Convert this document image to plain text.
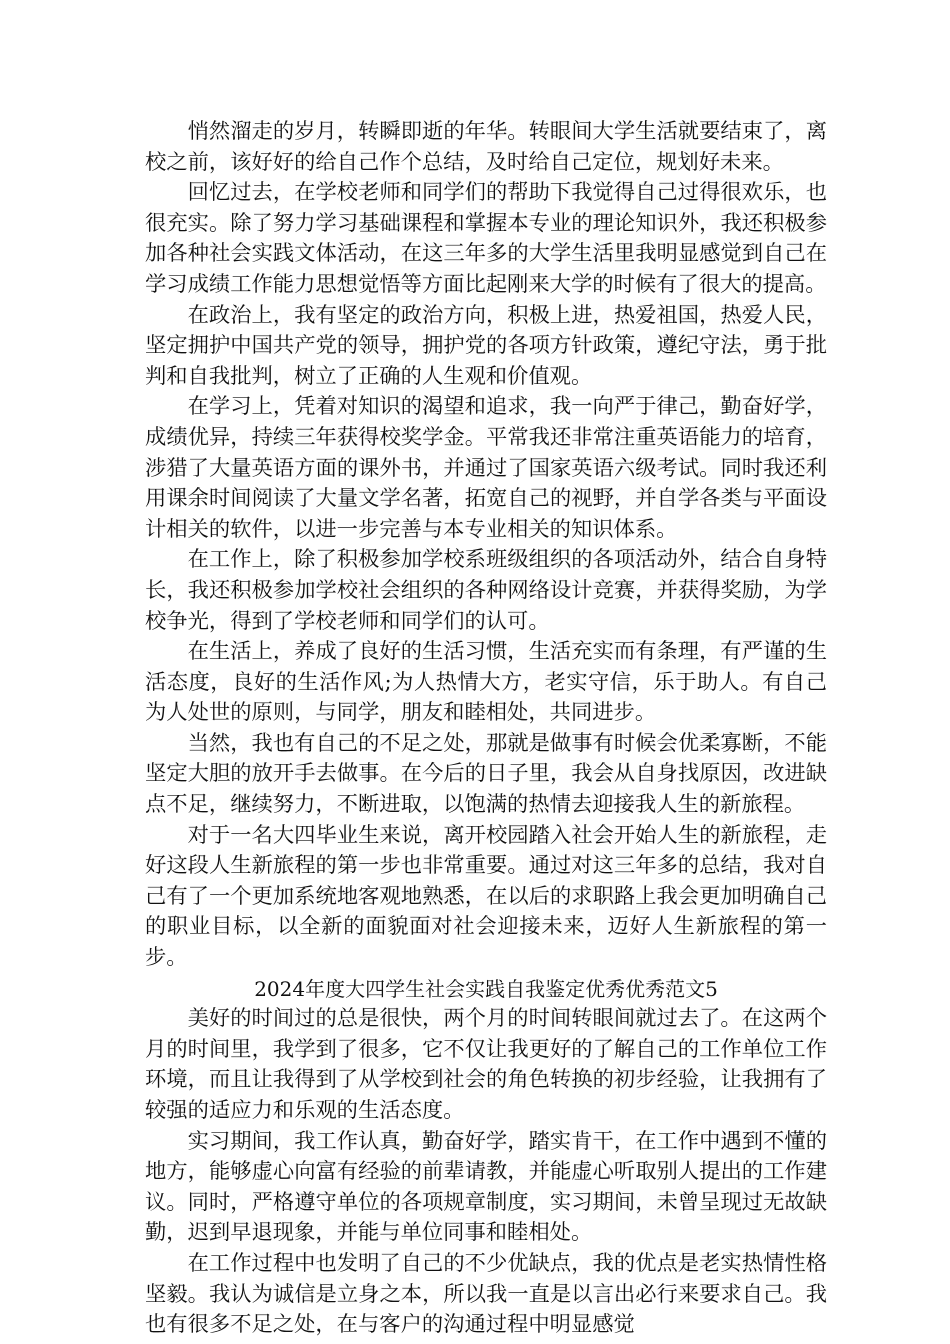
悄然溜走的岁月，转瞬即逝的年华。转眼间大学生活就要结束了，离校之前，该好好的给自己作个总结，及时给自己定位，规划好未来。

回忆过去，在学校老师和同学们的帮助下我觉得自己过得很欢乐，也很充实。除了努力学习基础课程和掌握本专业的理论知识外，我还积极参加各种社会实践文体活动，在这三年多的大学生活里我明显感觉到自己在学习成绩工作能力思想觉悟等方面比起刚来大学的时候有了很大的提高。

在政治上，我有坚定的政治方向，积极上进，热爱祖国，热爱人民，坚定拥护中国共产党的领导，拥护党的各项方针政策，遵纪守法，勇于批判和自我批判，树立了正确的人生观和价值观。

在学习上，凭着对知识的渴望和追求，我一向严于律己，勤奋好学，成绩优异，持续三年获得校奖学金。平常我还非常注重英语能力的培育，涉猎了大量英语方面的课外书，并通过了国家英语六级考试。同时我还利用课余时间阅读了大量文学名著，拓宽自己的视野，并自学各类与平面设计相关的软件，以进一步完善与本专业相关的知识体系。

在工作上，除了积极参加学校系班级组织的各项活动外，结合自身特长，我还积极参加学校社会组织的各种网络设计竞赛，并获得奖励，为学校争光，得到了学校老师和同学们的认可。

在生活上，养成了良好的生活习惯，生活充实而有条理，有严谨的生活态度，良好的生活作风;为人热情大方，老实守信，乐于助人。有自己为人处世的原则，与同学，朋友和睦相处，共同进步。

当然，我也有自己的不足之处，那就是做事有时候会优柔寡断，不能坚定大胆的放开手去做事。在今后的日子里，我会从自身找原因，改进缺点不足，继续努力，不断进取，以饱满的热情去迎接我人生的新旅程。

对于一名大四毕业生来说，离开校园踏入社会开始人生的新旅程，走好这段人生新旅程的第一步也非常重要。通过对这三年多的总结，我对自己有了一个更加系统地客观地熟悉，在以后的求职路上我会更加明确自己的职业目标，以全新的面貌面对社会迎接未来，迈好人生新旅程的第一步。

2024年度大四学生社会实践自我鉴定优秀优秀范文5

美好的时间过的总是很快，两个月的时间转眼间就过去了。在这两个月的时间里，我学到了很多，它不仅让我更好的了解自己的工作单位工作环境，而且让我得到了从学校到社会的角色转换的初步经验，让我拥有了较强的适应力和乐观的生活态度。

实习期间，我工作认真，勤奋好学，踏实肯干，在工作中遇到不懂的地方，能够虚心向富有经验的前辈请教，并能虚心听取别人提出的工作建议。同时，严格遵守单位的各项规章制度，实习期间，未曾呈现过无故缺勤，迟到早退现象，并能与单位同事和睦相处。

在工作过程中也发明了自己的不少优缺点，我的优点是老实热情性格坚毅。我认为诚信是立身之本，所以我一直是以言出必行来要求自己。我也有很多不足之处，在与客户的沟通过程中明显感觉
